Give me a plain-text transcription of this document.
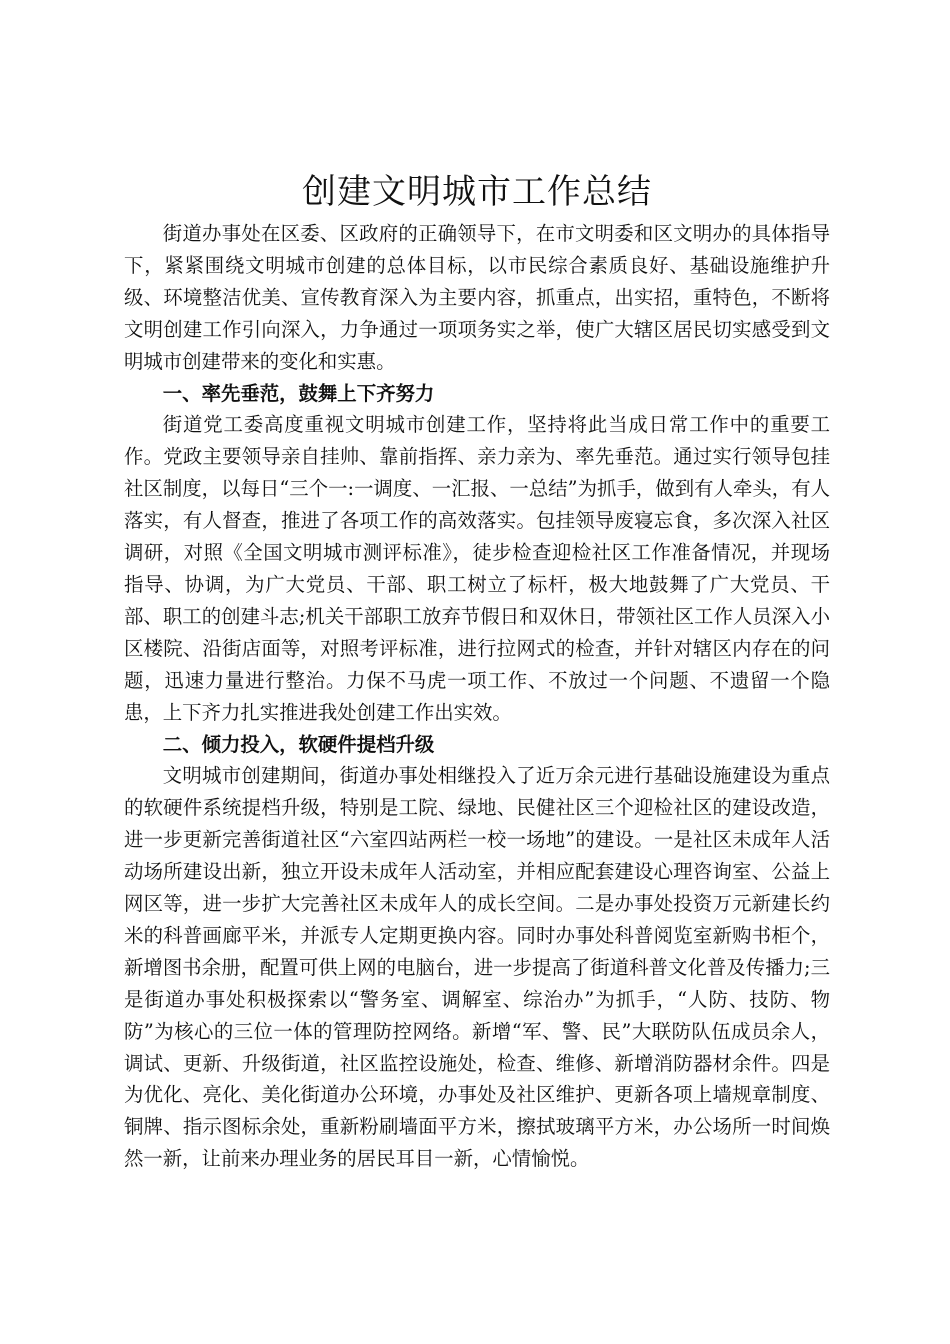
创建文明城市工作总结

街道办事处在区委、区政府的正确领导下，在市文明委和区文明办的具体指导下，紧紧围绕文明城市创建的总体目标，以市民综合素质良好、基础设施维护升级、环境整洁优美、宣传教育深入为主要内容，抓重点，出实招，重特色，不断将文明创建工作引向深入，力争通过一项项务实之举，使广大辖区居民切实感受到文明城市创建带来的变化和实惠。

一、率先垂范，鼓舞上下齐努力

街道党工委高度重视文明城市创建工作，坚持将此当成日常工作中的重要工作。党政主要领导亲自挂帅、靠前指挥、亲力亲为、率先垂范。通过实行领导包挂社区制度，以每日“三个一:一调度、一汇报、一总结”为抓手，做到有人牵头，有人落实，有人督查，推进了各项工作的高效落实。包挂领导废寝忘食，多次深入社区调研，对照《全国文明城市测评标准》，徒步检查迎检社区工作准备情况，并现场指导、协调，为广大党员、干部、职工树立了标杆，极大地鼓舞了广大党员、干部、职工的创建斗志;机关干部职工放弃节假日和双休日，带领社区工作人员深入小区楼院、沿街店面等，对照考评标准，进行拉网式的检查，并针对辖区内存在的问题，迅速力量进行整治。力保不马虎一项工作、不放过一个问题、不遗留一个隐患，上下齐力扎实推进我处创建工作出实效。

二、倾力投入，软硬件提档升级

文明城市创建期间，街道办事处相继投入了近万余元进行基础设施建设为重点的软硬件系统提档升级，特别是工院、绿地、民健社区三个迎检社区的建设改造，进一步更新完善街道社区“六室四站两栏一校一场地”的建设。一是社区未成年人活动场所建设出新，独立开设未成年人活动室，并相应配套建设心理咨询室、公益上网区等，进一步扩大完善社区未成年人的成长空间。二是办事处投资万元新建长约米的科普画廊平米，并派专人定期更换内容。同时办事处科普阅览室新购书柜个，新增图书余册，配置可供上网的电脑台，进一步提高了街道科普文化普及传播力;三是街道办事处积极探索以“警务室、调解室、综治办”为抓手，“人防、技防、物防”为核心的三位一体的管理防控网络。新增“军、警、民”大联防队伍成员余人，调试、更新、升级街道，社区监控设施处，检查、维修、新增消防器材余件。四是为优化、亮化、美化街道办公环境，办事处及社区维护、更新各项上墙规章制度、铜牌、指示图标余处，重新粉刷墙面平方米，擦拭玻璃平方米，办公场所一时间焕然一新，让前来办理业务的居民耳目一新，心情愉悦。
